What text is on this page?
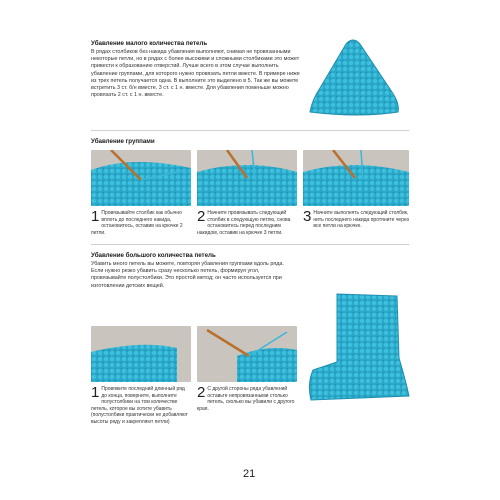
Убавление малого количества петель
В рядах столбиков без накида убавления выполняют, снимая не провязанными некоторые петли, но в рядах с более высокими и сложными столбиками это может привести к образованию отверстий. Лучше всего в этом случае выполнить убавление группами, для которого нужно провязать петли вместе. В примере ниже из трех петель получается одна. В выполните это выделено в 5. Так же вы можете встретить 3 ст. б/н вместе, 3 ст. с 1 н. вместе. Для убавления поменьше можно провязать 2 ст. с 1 н. вместе.
Убавление группами
1 Провязывайте столбик как обычно вплоть до последнего накида, остановитесь, оставив на крючке 2 петли.
2 Начните провязывать следующий столбик в следующую петлю, снова остановитесь перед последним накидом, оставив на крючке 3 петли.
3 Начните выполнять следующий столбик, нить последнего накида протяните через все петли на крючке.
Убавление большого количества петель
Убавить много петель вы можете, повторяя убавления группами вдоль ряда. Если нужно резко убавить сразу несколько петель, формируя угол, провязывайте полустолбики. Это простой метод; он часто используется при изготовлении детских вещей.
1 Провяжите последний длинный ряд до конца, поверните, выполните полустолбики на том количестве петель, которое вы хотите убавить (полустолбики практически не добавляют высоты ряду и закрепляют петли)
2 С другой стороны ряда убавлений оставьте непровязанными столько петель, сколько вы убавили с другого края.
21
